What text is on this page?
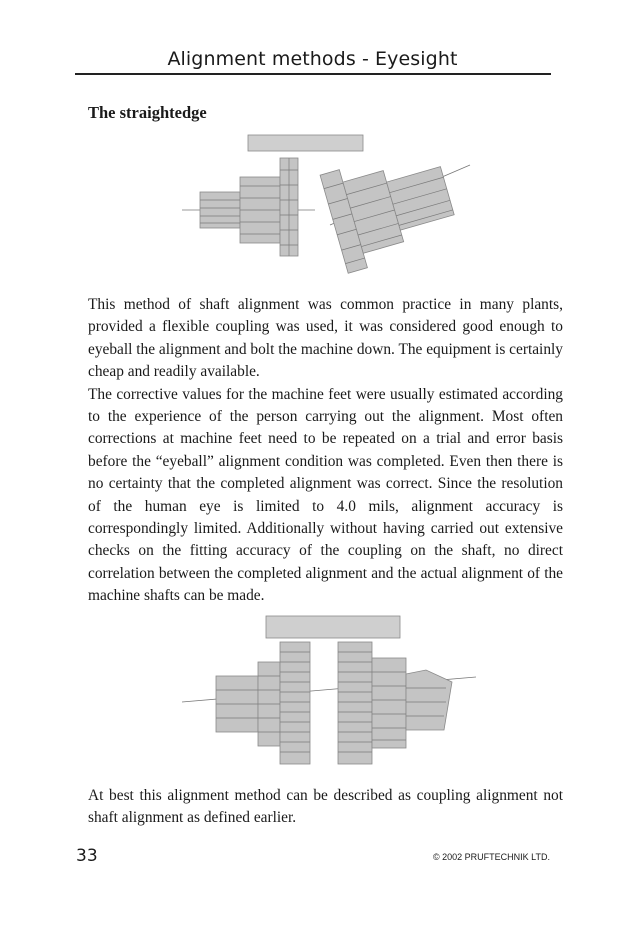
Alignment methods - Eyesight
The straightedge

This method of shaft alignment was common practice in many plants, provided a flexible coupling was used, it was considered good enough to eyeball the alignment and bolt the machine down. The equipment is certainly cheap and readily available.
The corrective values for the machine feet were usually estimated according to the experience of the person carrying out the alignment. Most often corrections at machine feet need to be repeated on a trial and error basis before the “eyeball” alignment condition was completed. Even then there is no certainty that the completed alignment was correct. Since the resolution of the human eye is limited to 4.0 mils, alignment accuracy is correspondingly limited. Additionally without having carried out extensive checks on the fitting accuracy of the coupling on the shaft, no direct correlation between the completed alignment and the actual alignment of the machine shafts can be made.

At best this alignment method can be described as coupling alignment not shaft alignment as defined earlier.

33	© 2002 PRUFTECHNIK LTD.
